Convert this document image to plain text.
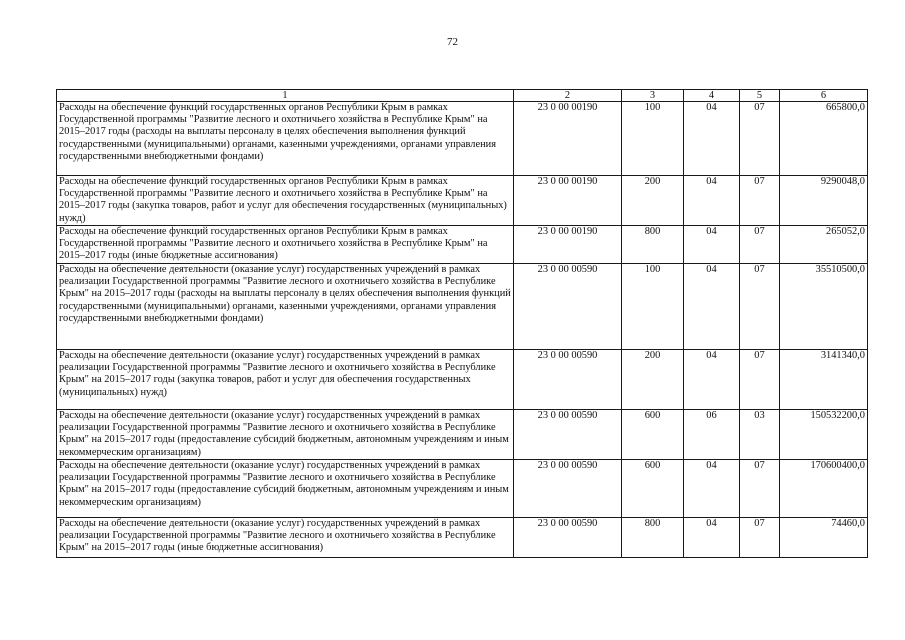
72
1	2	3	4	5	6
Расходы на обеспечение функций государственных органов Республики Крым в рамках Государственной программы "Развитие лесного и охотничьего хозяйства в Республике Крым" на 2015–2017 годы (расходы на выплаты персоналу в целях обеспечения выполнения функций государственными (муниципальными) органами, казенными учреждениями, органами управления государственными внебюджетными фондами)	23 0 00 00190	100	04	07	665800,0
Расходы на обеспечение функций государственных органов Республики Крым в рамках Государственной программы "Развитие лесного и охотничьего хозяйства в Республике Крым" на 2015–2017 годы (закупка товаров, работ и услуг для обеспечения государственных (муниципальных) нужд)	23 0 00 00190	200	04	07	9290048,0
Расходы на обеспечение функций государственных органов Республики Крым в рамках Государственной программы "Развитие лесного и охотничьего хозяйства в Республике Крым" на 2015–2017 годы (иные бюджетные ассигнования)	23 0 00 00190	800	04	07	265052,0
Расходы на обеспечение деятельности (оказание услуг) государственных учреждений в рамках реализации Государственной программы "Развитие лесного и охотничьего хозяйства в Республике Крым" на 2015–2017 годы (расходы на выплаты персоналу в целях обеспечения выполнения функций государственными (муниципальными) органами, казенными учреждениями, органами управления государственными внебюджетными фондами)	23 0 00 00590	100	04	07	35510500,0
Расходы на обеспечение деятельности (оказание услуг) государственных учреждений в рамках реализации Государственной программы "Развитие лесного и охотничьего хозяйства в Республике Крым" на 2015–2017 годы (закупка товаров, работ и услуг для обеспечения государственных (муниципальных) нужд)	23 0 00 00590	200	04	07	3141340,0
Расходы на обеспечение деятельности (оказание услуг) государственных учреждений в рамках реализации Государственной программы "Развитие лесного и охотничьего хозяйства в Республике Крым" на 2015–2017 годы (предоставление субсидий бюджетным, автономным учреждениям и иным некоммерческим организациям)	23 0 00 00590	600	06	03	150532200,0
Расходы на обеспечение деятельности (оказание услуг) государственных учреждений в рамках реализации Государственной программы "Развитие лесного и охотничьего хозяйства в Республике Крым" на 2015–2017 годы (предоставление субсидий бюджетным, автономным учреждениям и иным некоммерческим организациям)	23 0 00 00590	600	04	07	170600400,0
Расходы на обеспечение деятельности (оказание услуг) государственных учреждений в рамках реализации Государственной программы "Развитие лесного и охотничьего хозяйства в Республике Крым" на 2015–2017 годы (иные бюджетные ассигнования)	23 0 00 00590	800	04	07	74460,0
